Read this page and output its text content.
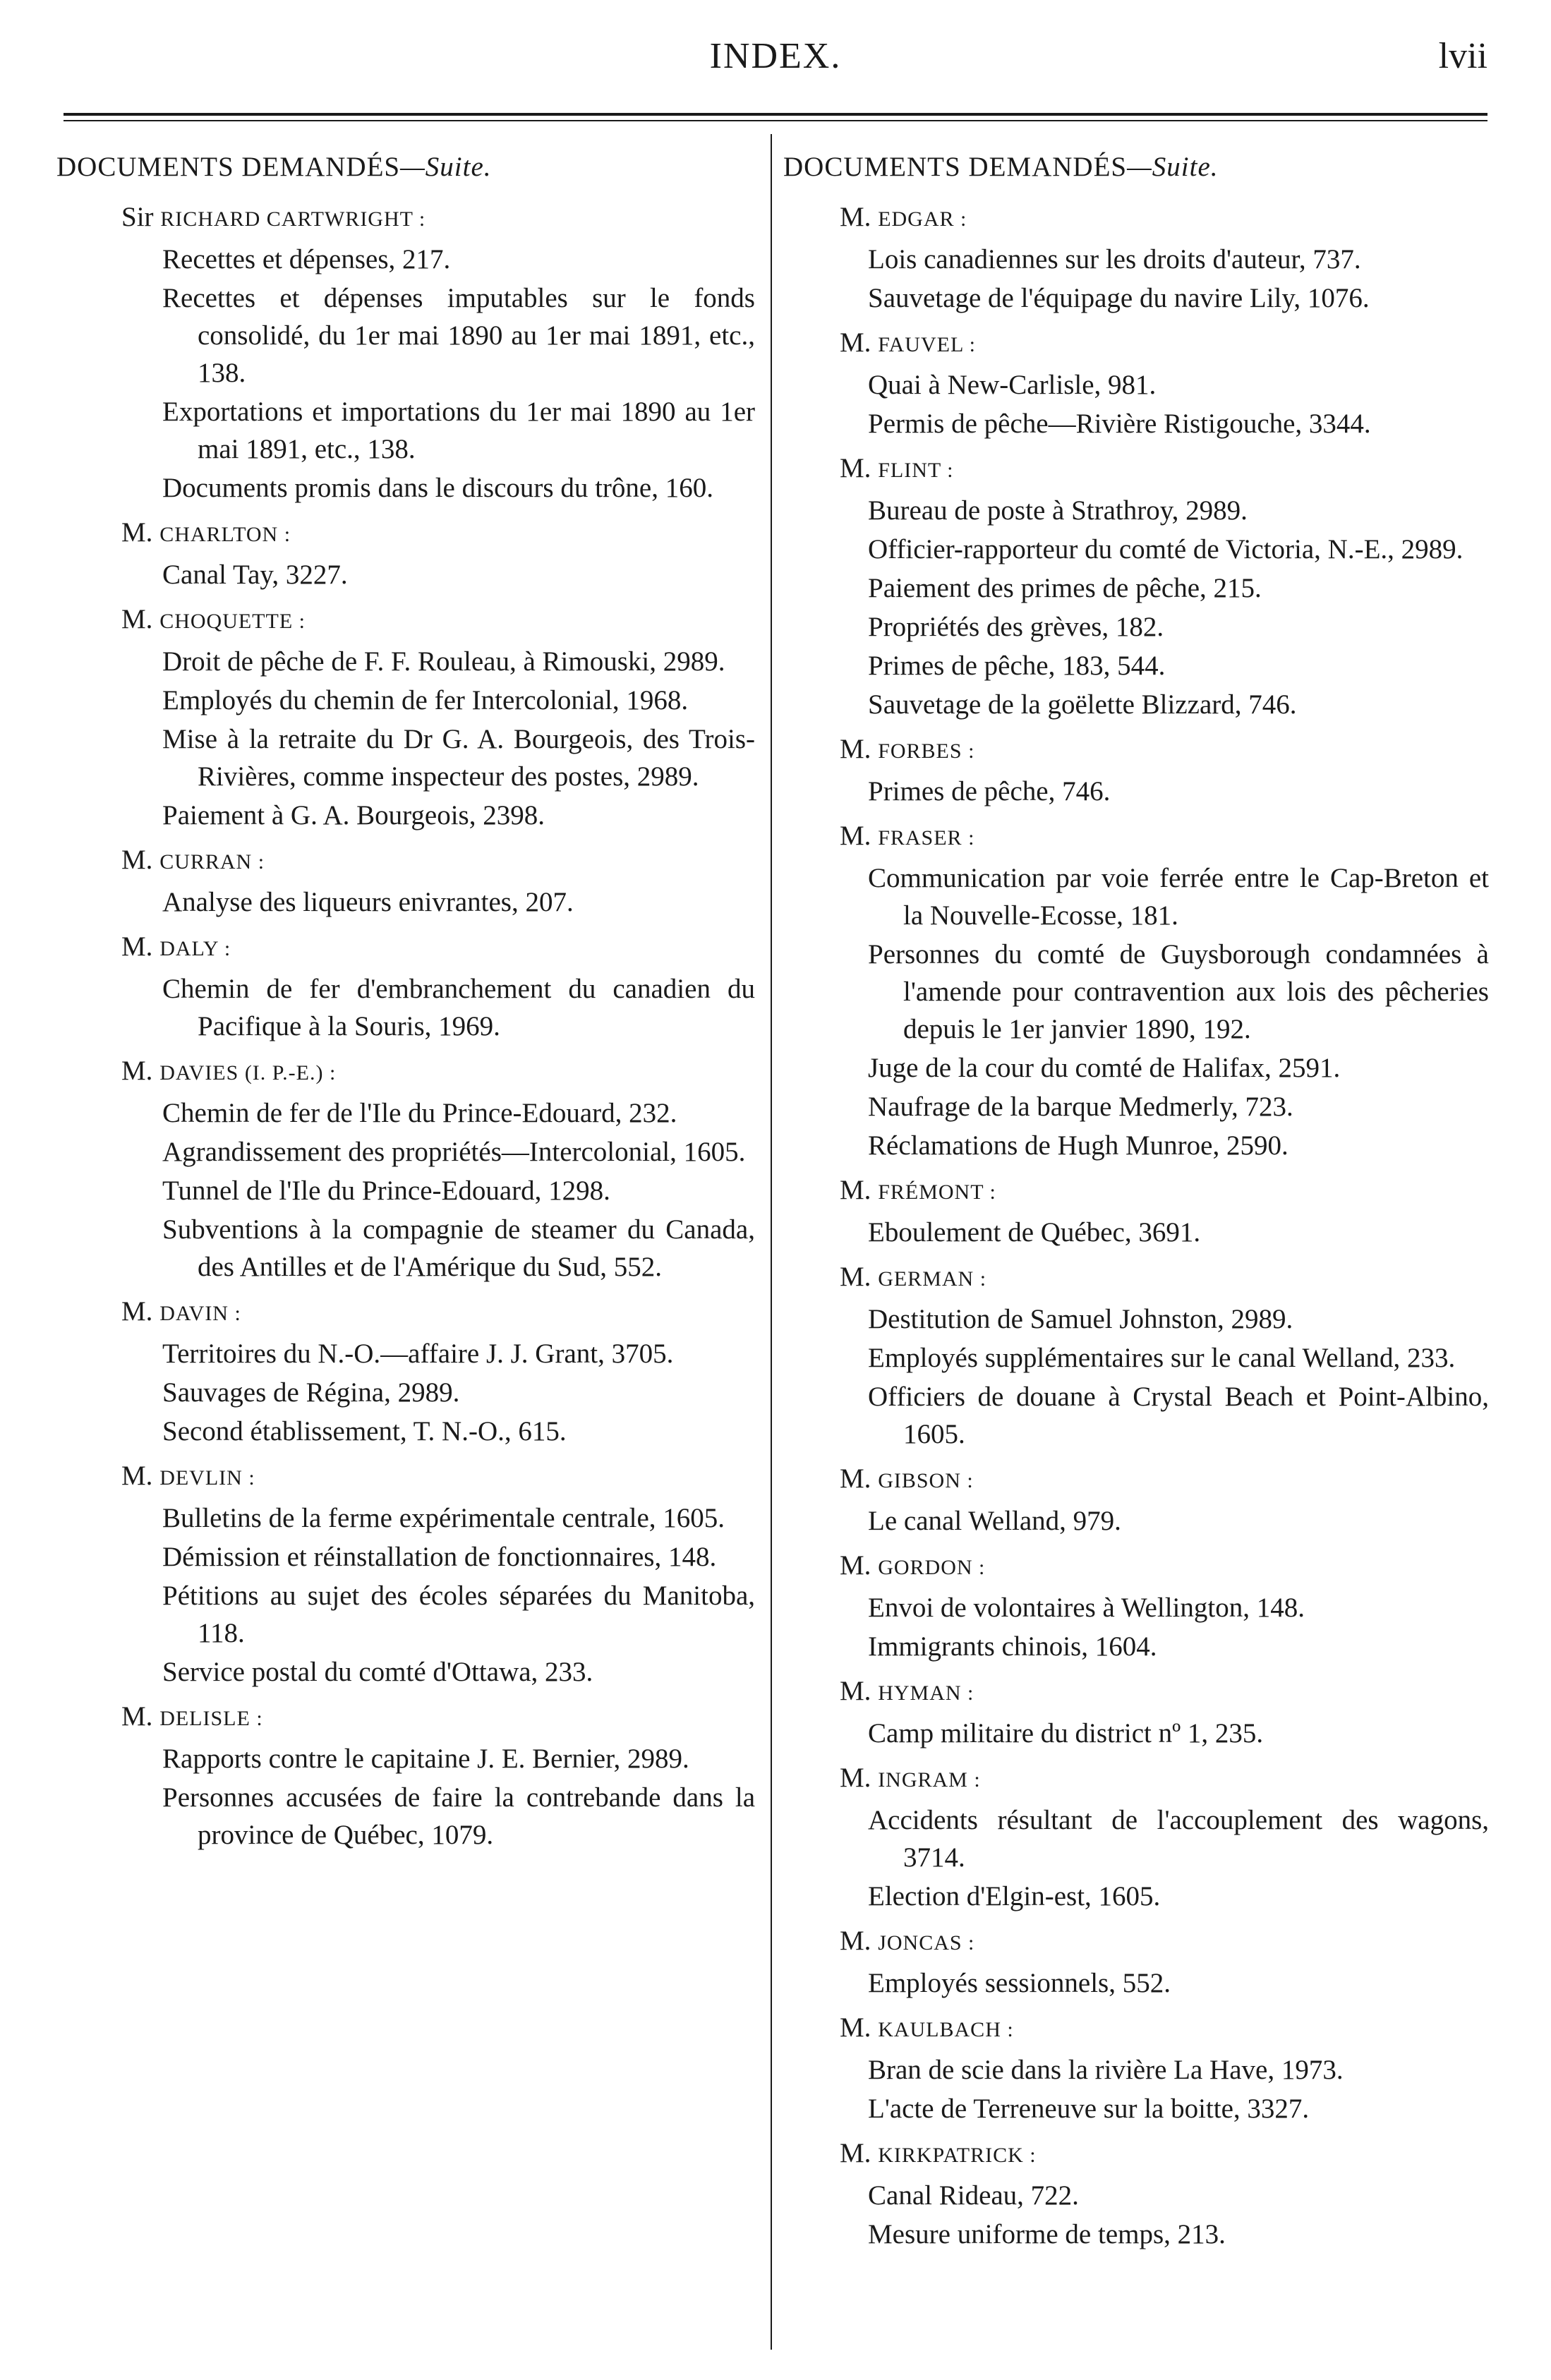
INDEX.	lvii
DOCUMENTS DEMANDÉS—Suite.
Sir RICHARD CARTWRIGHT :
Recettes et dépenses, 217.
Recettes et dépenses imputables sur le fonds consolidé, du 1er mai 1890 au 1er mai 1891, etc., 138.
Exportations et importations du 1er mai 1890 au 1er mai 1891, etc., 138.
Documents promis dans le discours du trône, 160.
M. CHARLTON :
Canal Tay, 3227.
M. CHOQUETTE :
Droit de pêche de F. F. Rouleau, à Rimouski, 2989.
Employés du chemin de fer Intercolonial, 1968.
Mise à la retraite du Dr G. A. Bourgeois, des Trois-Rivières, comme inspecteur des postes, 2989.
Paiement à G. A. Bourgeois, 2398.
M. CURRAN :
Analyse des liqueurs enivrantes, 207.
M. DALY :
Chemin de fer d'embranchement du canadien du Pacifique à la Souris, 1969.
M. DAVIES (I. P.-E.) :
Chemin de fer de l'Ile du Prince-Edouard, 232.
Agrandissement des propriétés—Intercolonial, 1605.
Tunnel de l'Ile du Prince-Edouard, 1298.
Subventions à la compagnie de steamer du Canada, des Antilles et de l'Amérique du Sud, 552.
M. DAVIN :
Territoires du N.-O.—affaire J. J. Grant, 3705.
Sauvages de Régina, 2989.
Second établissement, T. N.-O., 615.
M. DEVLIN :
Bulletins de la ferme expérimentale centrale, 1605.
Démission et réinstallation de fonctionnaires, 148.
Pétitions au sujet des écoles séparées du Manitoba, 118.
Service postal du comté d'Ottawa, 233.
M. DELISLE :
Rapports contre le capitaine J. E. Bernier, 2989.
Personnes accusées de faire la contrebande dans la province de Québec, 1079.
DOCUMENTS DEMANDÉS—Suite.
M. EDGAR :
Lois canadiennes sur les droits d'auteur, 737.
Sauvetage de l'équipage du navire Lily, 1076.
M. FAUVEL :
Quai à New-Carlisle, 981.
Permis de pêche—Rivière Ristigouche, 3344.
M. FLINT :
Bureau de poste à Strathroy, 2989.
Officier-rapporteur du comté de Victoria, N.-E., 2989.
Paiement des primes de pêche, 215.
Propriétés des grèves, 182.
Primes de pêche, 183, 544.
Sauvetage de la goëlette Blizzard, 746.
M. FORBES :
Primes de pêche, 746.
M. FRASER :
Communication par voie ferrée entre le Cap-Breton et la Nouvelle-Ecosse, 181.
Personnes du comté de Guysborough condamnées à l'amende pour contravention aux lois des pêcheries depuis le 1er janvier 1890, 192.
Juge de la cour du comté de Halifax, 2591.
Naufrage de la barque Medmerly, 723.
Réclamations de Hugh Munroe, 2590.
M. FRÉMONT :
Eboulement de Québec, 3691.
M. GERMAN :
Destitution de Samuel Johnston, 2989.
Employés supplémentaires sur le canal Welland, 233.
Officiers de douane à Crystal Beach et Point-Albino, 1605.
M. GIBSON :
Le canal Welland, 979.
M. GORDON :
Envoi de volontaires à Wellington, 148.
Immigrants chinois, 1604.
M. HYMAN :
Camp militaire du district nº 1, 235.
M. INGRAM :
Accidents résultant de l'accouplement des wagons, 3714.
Election d'Elgin-est, 1605.
M. JONCAS :
Employés sessionnels, 552.
M. KAULBACH :
Bran de scie dans la rivière La Have, 1973.
L'acte de Terreneuve sur la boitte, 3327.
M. KIRKPATRICK :
Canal Rideau, 722.
Mesure uniforme de temps, 213.
